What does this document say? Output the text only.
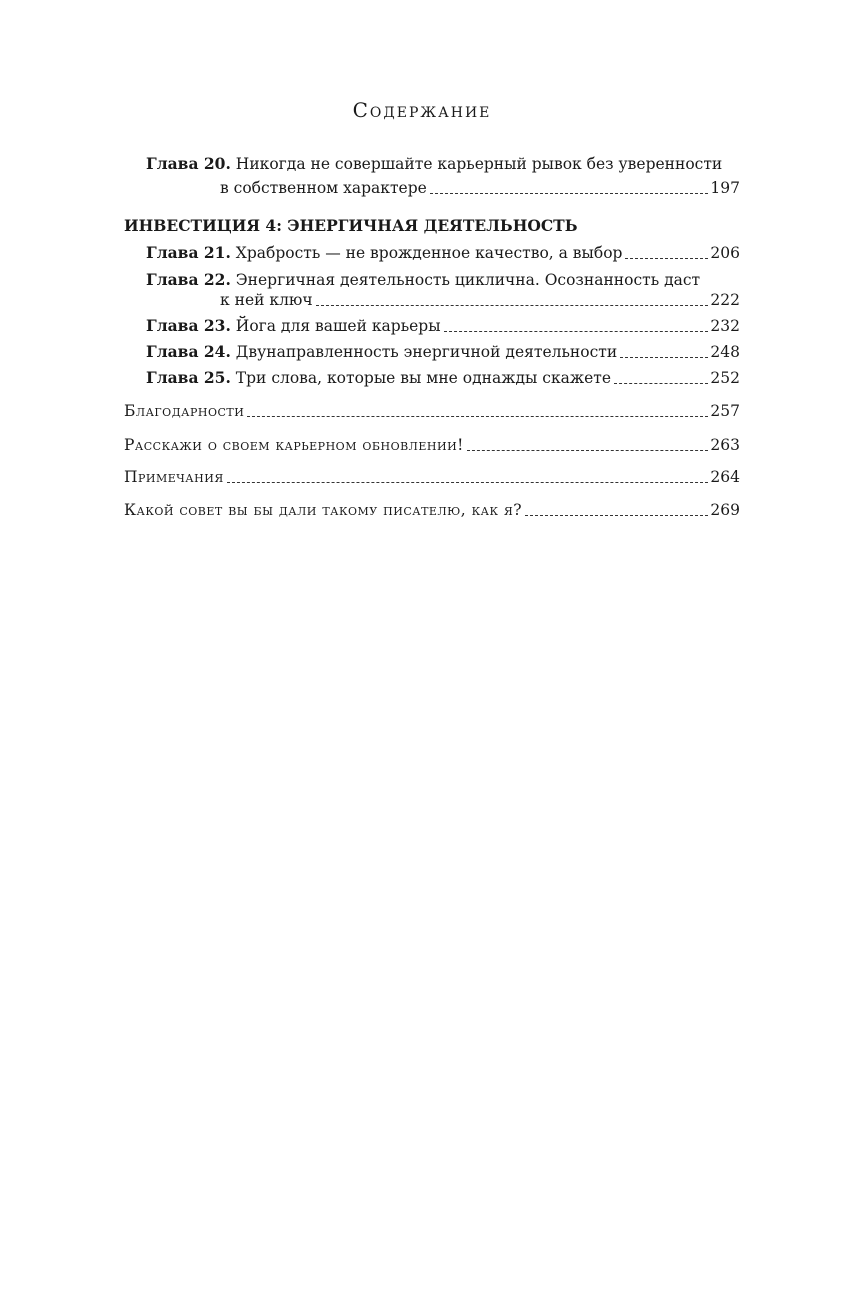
Содержание
Глава 20. Никогда не совершайте карьерный рывок без уверенности
в собственном характере	197
ИНВЕСТИЦИЯ 4: ЭНЕРГИЧНАЯ ДЕЯТЕЛЬНОСТЬ
Глава 21. Храбрость — не врожденное качество, а выбор	206
Глава 22. Энергичная деятельность циклична. Осознанность даст
к ней ключ	222
Глава 23. Йога для вашей карьеры	232
Глава 24. Двунаправленность энергичной деятельности	248
Глава 25. Три слова, которые вы мне однажды скажете	252
Благодарности	257
Расскажи о своем карьерном обновлении!	263
Примечания	264
Какой совет вы бы дали такому писателю, как я?	269
